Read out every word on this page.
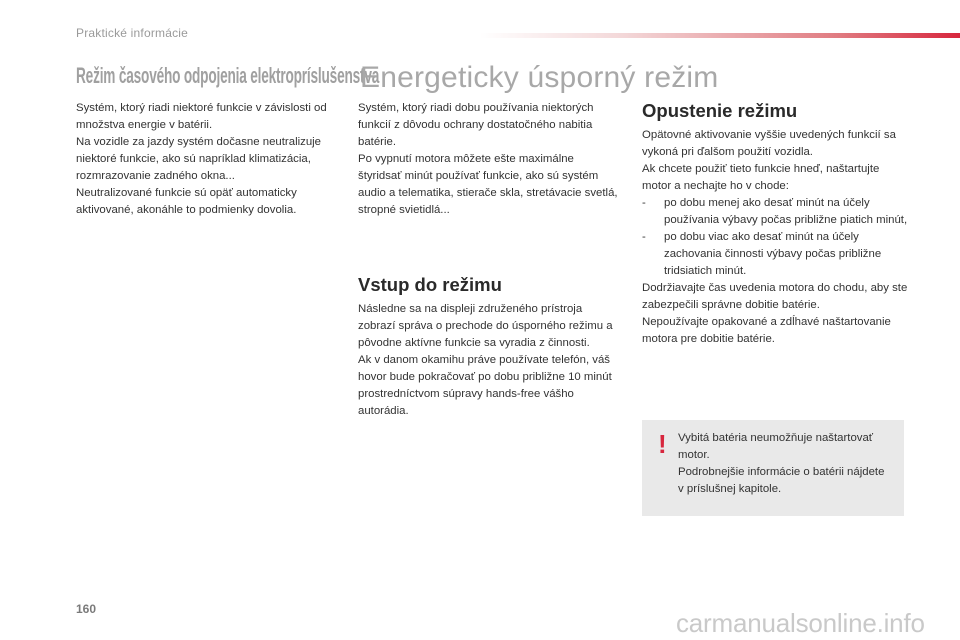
Praktické informácie
Režim časového odpojenia elektropríslušenstva

Systém, ktorý riadi niektoré funkcie v závislosti od množstva energie v batérii.

Na vozidle za jazdy systém dočasne neutralizuje niektoré funkcie, ako sú napríklad klimatizácia, rozmrazovanie zadného okna...

Neutralizované funkcie sú opäť automaticky aktivované, akonáhle to podmienky dovolia.

Energeticky úsporný režim

Systém, ktorý riadi dobu používania niektorých funkcií z dôvodu ochrany dostatočného nabitia batérie.

Po vypnutí motora môžete ešte maximálne štyridsať minút používať funkcie, ako sú systém audio a telematika, stierače skla, stretávacie svetlá, stropné svietidlá...

Vstup do režimu

Následne sa na displeji združeného prístroja zobrazí správa o prechode do úsporného režimu a pôvodne aktívne funkcie sa vyradia z činnosti.

Ak v danom okamihu práve používate telefón, váš hovor bude pokračovať po dobu približne 10 minút prostredníctvom súpravy hands-free vášho autorádia.

Opustenie režimu

Opätovné aktivovanie vyššie uvedených funkcií sa vykoná pri ďalšom použití vozidla.

Ak chcete použiť tieto funkcie hneď, naštartujte motor a nechajte ho v chode:

- po dobu menej ako desať minút na účely používania výbavy počas približne piatich minút,
- po dobu viac ako desať minút na účely zachovania činnosti výbavy počas približne tridsiatich minút.

Dodržiavajte čas uvedenia motora do chodu, aby ste zabezpečili správne dobitie batérie.

Nepoužívajte opakované a zdĺhavé naštartovanie motora pre dobitie batérie.

! Vybitá batéria neumožňuje naštartovať motor.

Podrobnejšie informácie o batérii nájdete v príslušnej kapitole.

160	carmanualsonline.info
